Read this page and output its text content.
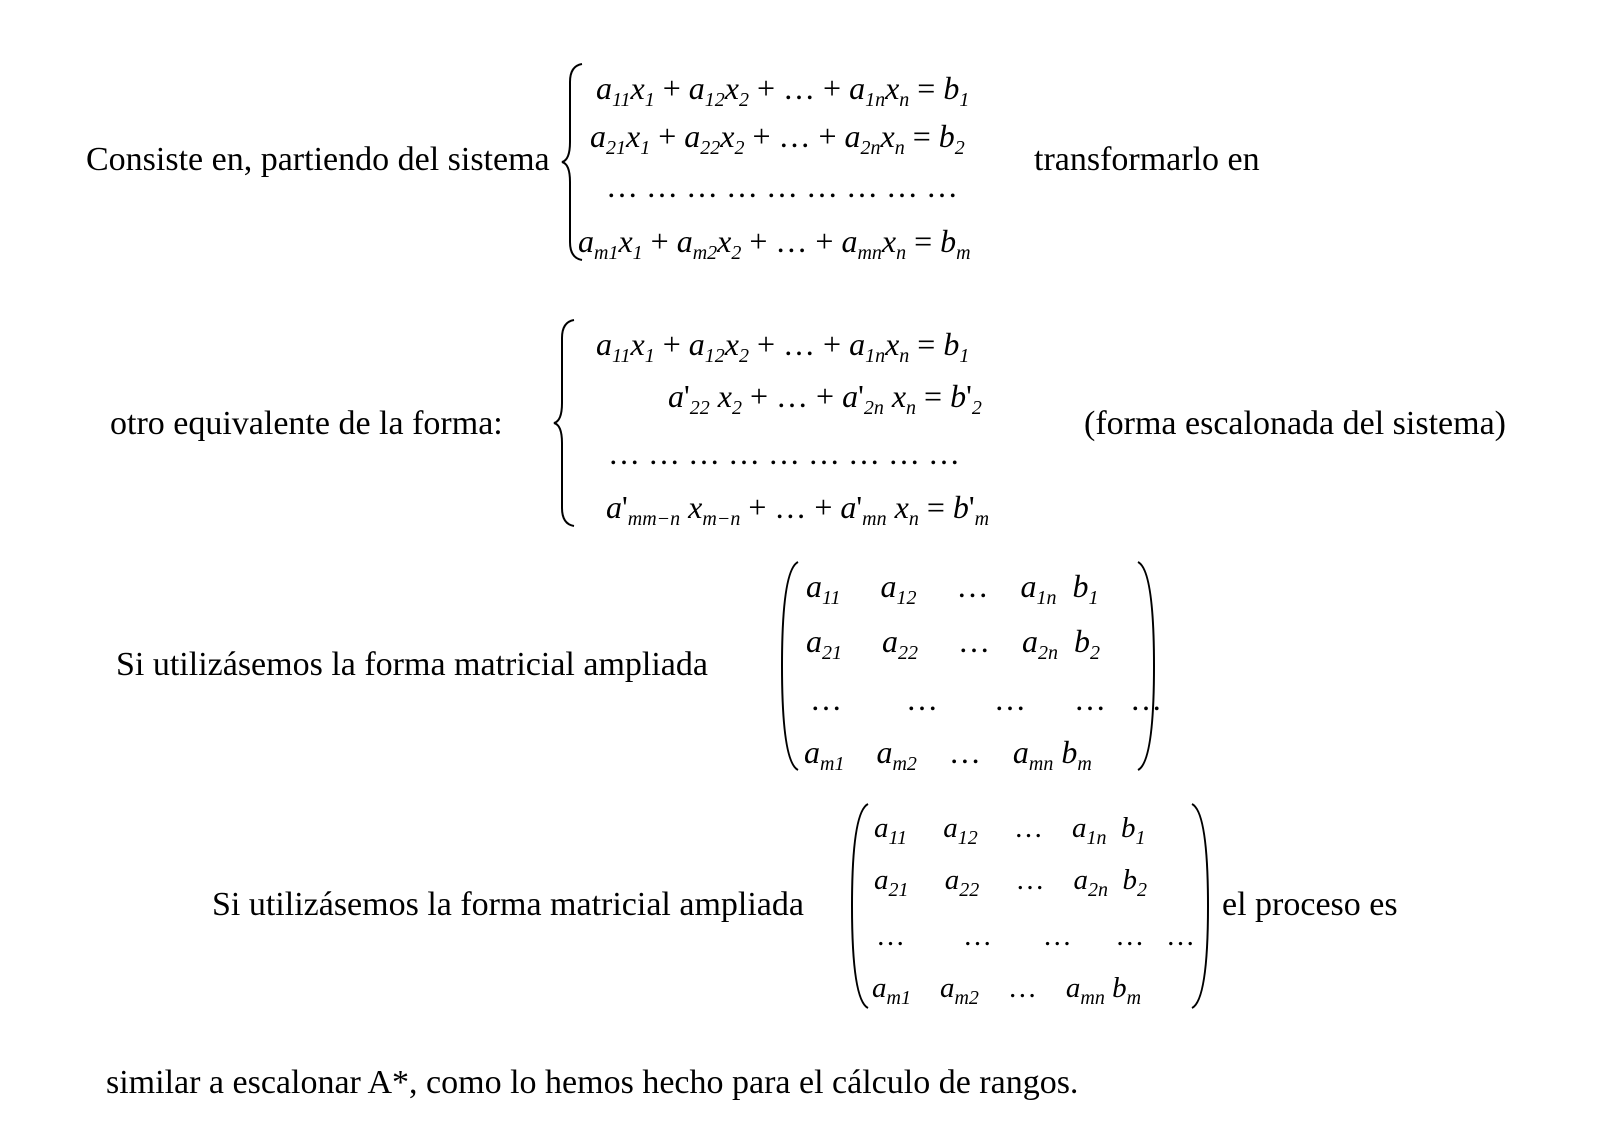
Consiste en, partiendo del sistema
$a_{11}x_1 + a_{12}x_2$ + … + $a_{1n}x_n = b_1$
$a_{21}x_1 + a_{22}x_2$ + … + $a_{2n}x_n = b_2$
… … … … … … … … …
$a_{m1}x_1 + a_{m2}x_2$ + … + $a_{mn}x_n = b_m$
transformarlo en
otro equivalente de la forma:
$a_{11}x_1 + a_{12}x_2$ + … + $a_{1n}x_n = b_1$
$a'_{22}$ $x_2$ + … + $a'_{2n}$ $x_n = b'_2$
… … … … … … … … …
$a'_{mm-n}$ $x_{m-n}$ + … + $a'_{mn}$ $x_n = b'_m$
(forma escalonada del sistema)
Si utilizásemos la forma matricial ampliada
$a_{11}$ $a_{12}$     …    $a_{1n}$ $b_1$
$a_{21}$ $a_{22}$     …    $a_{2n}$ $b_2$
…        …       …      …   …
$a_{m1}$ $a_{m2}$    …    $a_{mn}$ $b_m$
Si utilizásemos la forma matricial ampliada
$a_{11}$ $a_{12}$     …    $a_{1n}$ $b_1$
$a_{21}$ $a_{22}$     …    $a_{2n}$ $b_2$
…        …       …      …   …
$a_{m1}$ $a_{m2}$    …    $a_{mn}$ $b_m$
el proceso es
similar a escalonar A*, como lo hemos hecho para el cálculo de rangos.
